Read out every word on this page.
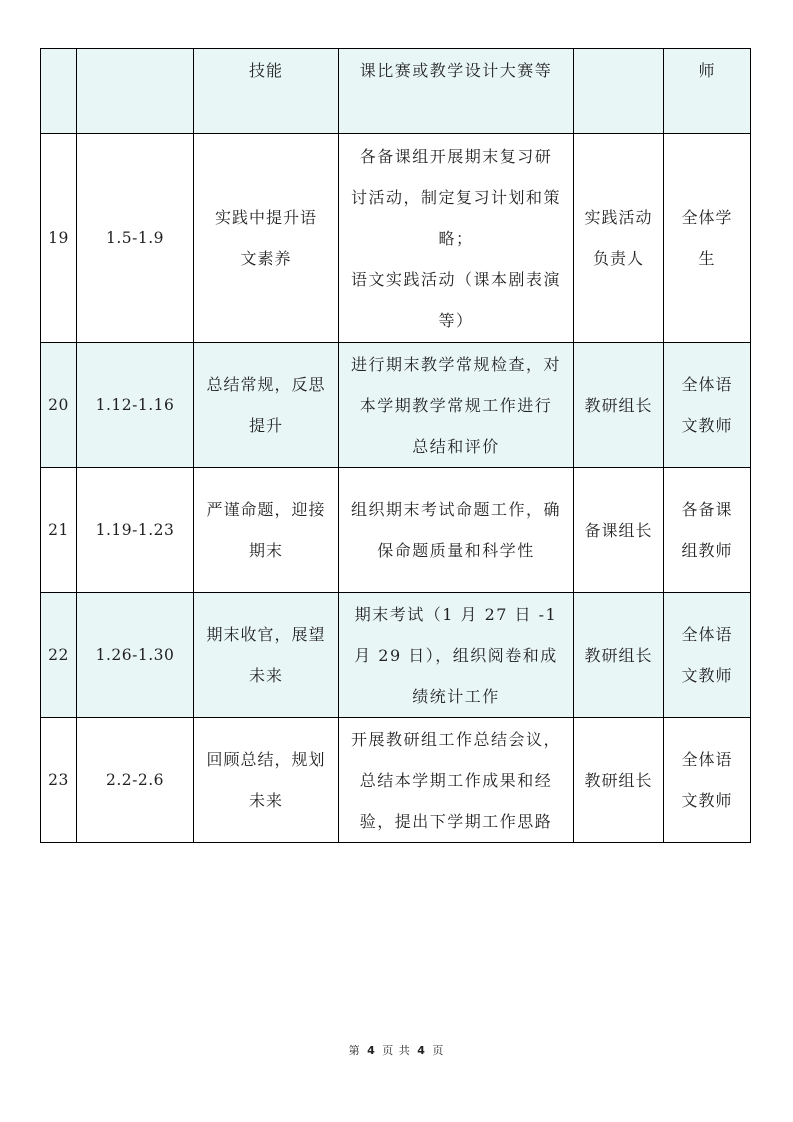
		技能	课比赛或教学设计大赛等		师

19	1.5-1.9	实践中提升语
文素养	各备课组开展期末复习研
讨活动，制定复习计划和策
略；
语文实践活动（课本剧表演
等）	实践活动
负责人	全体学
生

20	1.12-1.16	总结常规，反思
提升	进行期末教学常规检查，对
本学期教学常规工作进行
总结和评价	教研组长	全体语
文教师

21	1.19-1.23	严谨命题，迎接
期末	组织期末考试命题工作，确
保命题质量和科学性	备课组长	各备课
组教师

22	1.26-1.30	期末收官，展望
未来	期末考试（1 月 27 日 -1
月 29 日），组织阅卷和成
绩统计工作	教研组长	全体语
文教师

23	2.2-2.6	回顾总结，规划
未来	开展教研组工作总结会议，
总结本学期工作成果和经
验，提出下学期工作思路	教研组长	全体语
文教师
第 4 页 共 4 页
